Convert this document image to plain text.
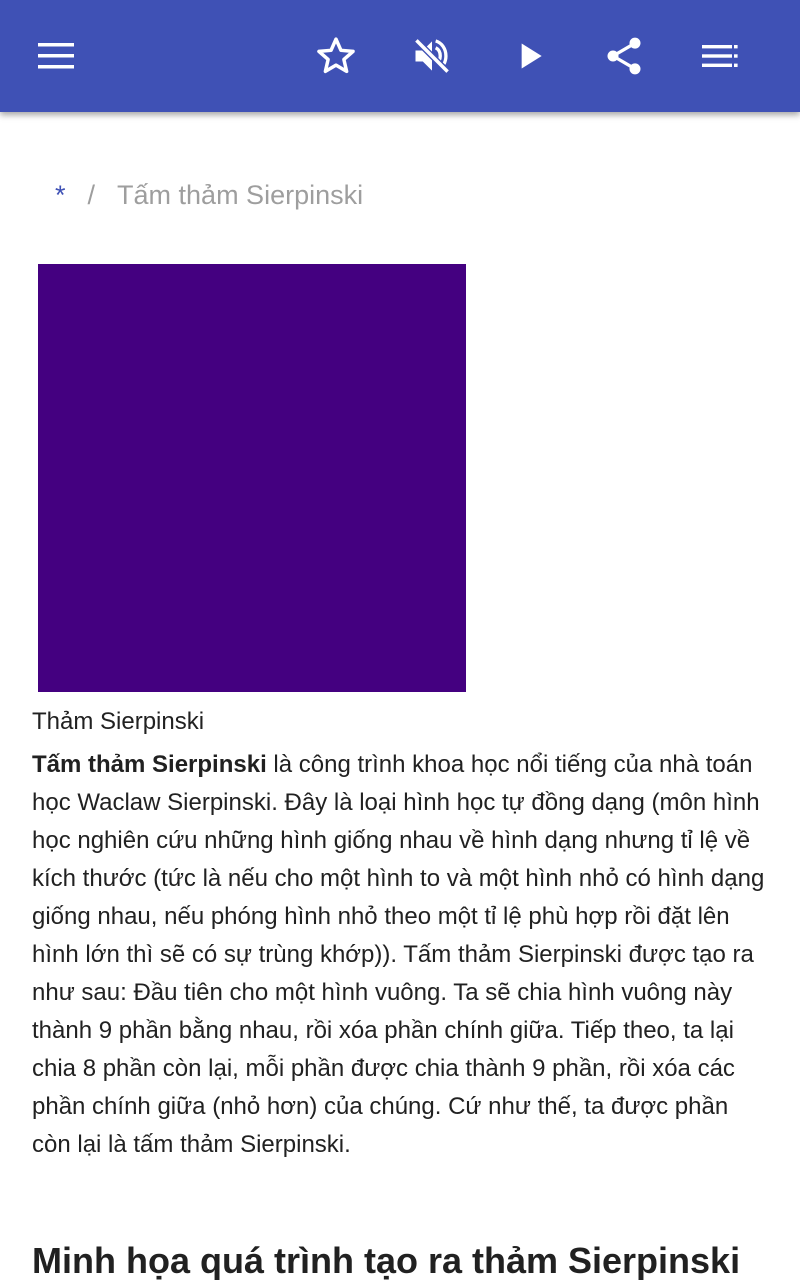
* / Tấm thảm Sierpinski
Thảm Sierpinski
Tấm thảm Sierpinski là công trình khoa học nổi tiếng của nhà toán học Waclaw Sierpinski. Đây là loại hình học tự đồng dạng (môn hình học nghiên cứu những hình giống nhau về hình dạng nhưng tỉ lệ về kích thước (tức là nếu cho một hình to và một hình nhỏ có hình dạng giống nhau, nếu phóng hình nhỏ theo một tỉ lệ phù hợp rồi đặt lên hình lớn thì sẽ có sự trùng khớp)). Tấm thảm Sierpinski được tạo ra như sau: Đầu tiên cho một hình vuông. Ta sẽ chia hình vuông này thành 9 phần bằng nhau, rồi xóa phần chính giữa. Tiếp theo, ta lại chia 8 phần còn lại, mỗi phần được chia thành 9 phần, rồi xóa các phần chính giữa (nhỏ hơn) của chúng. Cứ như thế, ta được phần còn lại là tấm thảm Sierpinski.
Minh họa quá trình tạo ra thảm Sierpinski
